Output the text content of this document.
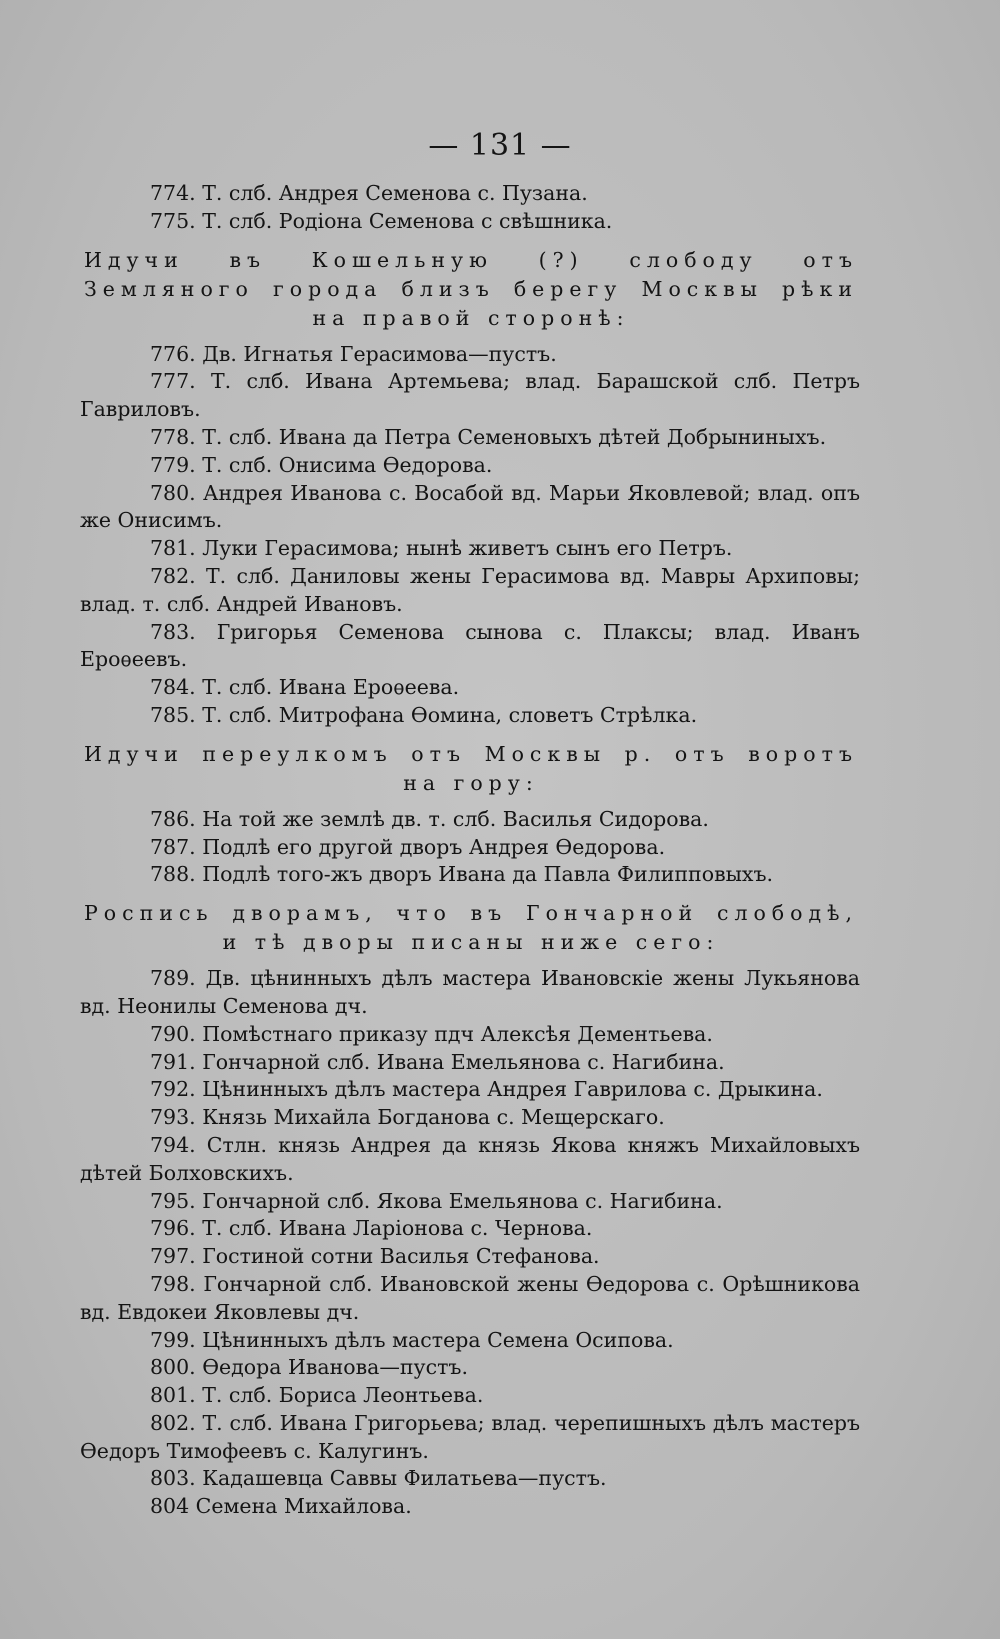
— 131 —

774. Т. слб. Андрея Семенова с. Пузана.

775. Т. слб. Родіона Семенова с свѣшника.

Идучи въ Кошельную (?) слободу отъ Земляного города близъ берегу Москвы рѣки на правой сторонѣ:

776. Дв. Игнатья Герасимова—пустъ.

777. Т. слб. Ивана Артемьева; влад. Барашской слб. Петръ Гавриловъ.

778. Т. слб. Ивана да Петра Семеновыхъ дѣтей Добрыниныхъ.

779. Т. слб. Онисима Ѳедорова.

780. Андрея Иванова с. Восабой вд. Марьи Яковлевой; влад. опъ же Онисимъ.

781. Луки Герасимова; нынѣ живетъ сынъ его Петръ.

782. Т. слб. Даниловы жены Герасимова вд. Мавры Архиповы; влад. т. слб. Андрей Ивановъ.

783. Григорья Семенова сынова с. Плаксы; влад. Иванъ Ероѳеевъ.

784. Т. слб. Ивана Ероѳеева.

785. Т. слб. Митрофана Ѳомина, словетъ Стрѣлка.

Идучи переулкомъ отъ Москвы р. отъ воротъ на гору:

786. На той же землѣ дв. т. слб. Василья Сидорова.

787. Подлѣ его другой дворъ Андрея Ѳедорова.

788. Подлѣ того-жъ дворъ Ивана да Павла Филипповыхъ.

Роспись дворамъ, что въ Гончарной слободѣ, и тѣ дворы писаны ниже сего:

789. Дв. цѣнинныхъ дѣлъ мастера Ивановскіе жены Лукьянова вд. Неонилы Семенова дч.

790. Помѣстнаго приказу пдч Алексѣя Дементьева.

791. Гончарной слб. Ивана Емельянова с. Нагибина.

792. Цѣнинныхъ дѣлъ мастера Андрея Гаврилова с. Дрыкина.

793. Князь Михайла Богданова с. Мещерскаго.

794. Стлн. князь Андрея да князь Якова княжъ Михайловыхъ дѣтей Болховскихъ.

795. Гончарной слб. Якова Емельянова с. Нагибина.

796. Т. слб. Ивана Ларіонова с. Чернова.

797. Гостиной сотни Василья Стефанова.

798. Гончарной слб. Ивановской жены Ѳедорова с. Орѣшникова вд. Евдокеи Яковлевы дч.

799. Цѣнинныхъ дѣлъ мастера Семена Осипова.

800. Ѳедора Иванова—пустъ.

801. Т. слб. Бориса Леонтьева.

802. Т. слб. Ивана Григорьева; влад. черепишныхъ дѣлъ мастеръ Ѳедоръ Тимофеевъ с. Калугинъ.

803. Кадашевца Саввы Филатьева—пустъ.

804 Семена Михайлова.
